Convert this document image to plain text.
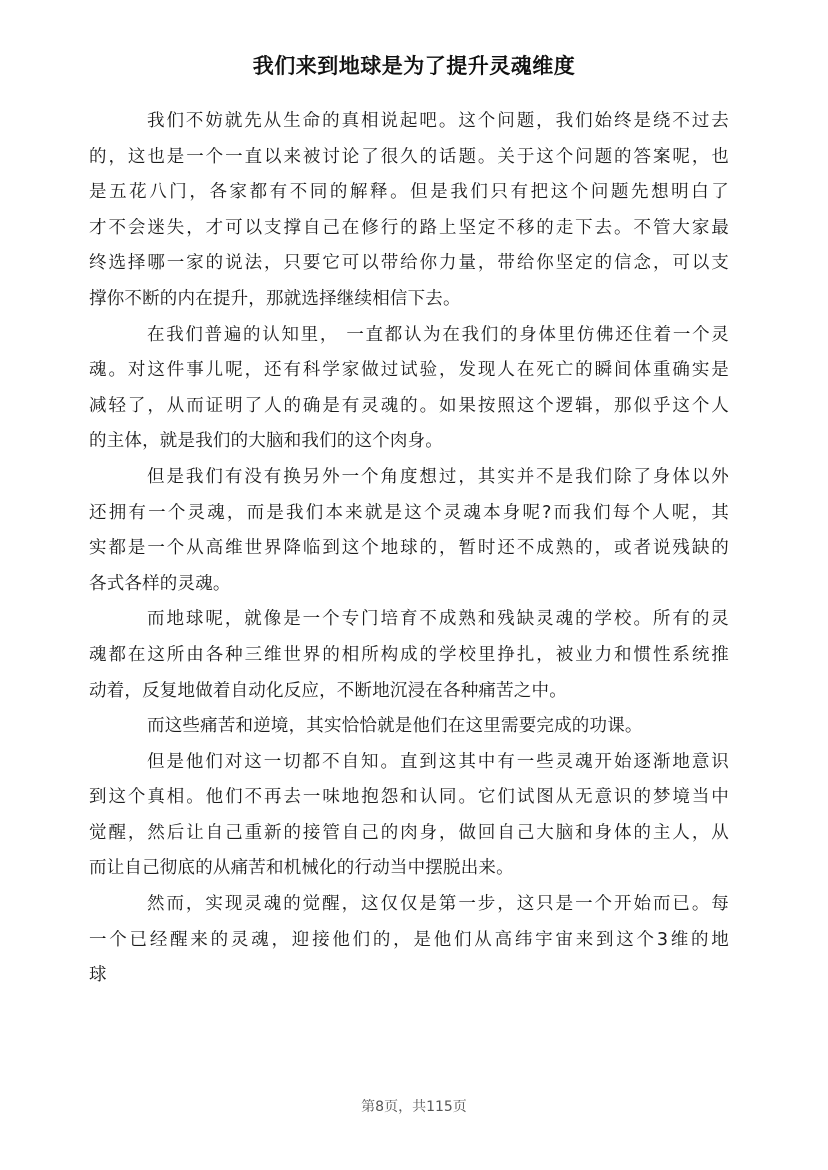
我们来到地球是为了提升灵魂维度
我们不妨就先从生命的真相说起吧。这个问题，我们始终是绕不过去
的，这也是一个一直以来被讨论了很久的话题。关于这个问题的答案呢，也
是五花八门，各家都有不同的解释。但是我们只有把这个问题先想明白了
才不会迷失，才可以支撑自己在修行的路上坚定不移的走下去。不管大家最
终选择哪一家的说法，只要它可以带给你力量，带给你坚定的信念，可以支
撑你不断的内在提升，那就选择继续相信下去。
在我们普遍的认知里， 一直都认为在我们的身体里仿佛还住着一个灵
魂。对这件事儿呢，还有科学家做过试验，发现人在死亡的瞬间体重确实是
减轻了，从而证明了人的确是有灵魂的。如果按照这个逻辑，那似乎这个人
的主体，就是我们的大脑和我们的这个肉身。
但是我们有没有换另外一个角度想过，其实并不是我们除了身体以外
还拥有一个灵魂，而是我们本来就是这个灵魂本身呢?而我们每个人呢，其
实都是一个从高维世界降临到这个地球的，暂时还不成熟的，或者说残缺的
各式各样的灵魂。
而地球呢，就像是一个专门培育不成熟和残缺灵魂的学校。所有的灵
魂都在这所由各种三维世界的相所构成的学校里挣扎，被业力和惯性系统推
动着，反复地做着自动化反应，不断地沉浸在各种痛苦之中。
而这些痛苦和逆境，其实恰恰就是他们在这里需要完成的功课。
但是他们对这一切都不自知。直到这其中有一些灵魂开始逐渐地意识
到这个真相。他们不再去一味地抱怨和认同。它们试图从无意识的梦境当中
觉醒，然后让自己重新的接管自己的肉身，做回自己大脑和身体的主人，从
而让自己彻底的从痛苦和机械化的行动当中摆脱出来。
然而，实现灵魂的觉醒，这仅仅是第一步，这只是一个开始而已。每
一个已经醒来的灵魂，迎接他们的，是他们从高纬宇宙来到这个3维的地
球
第8页，共115页
